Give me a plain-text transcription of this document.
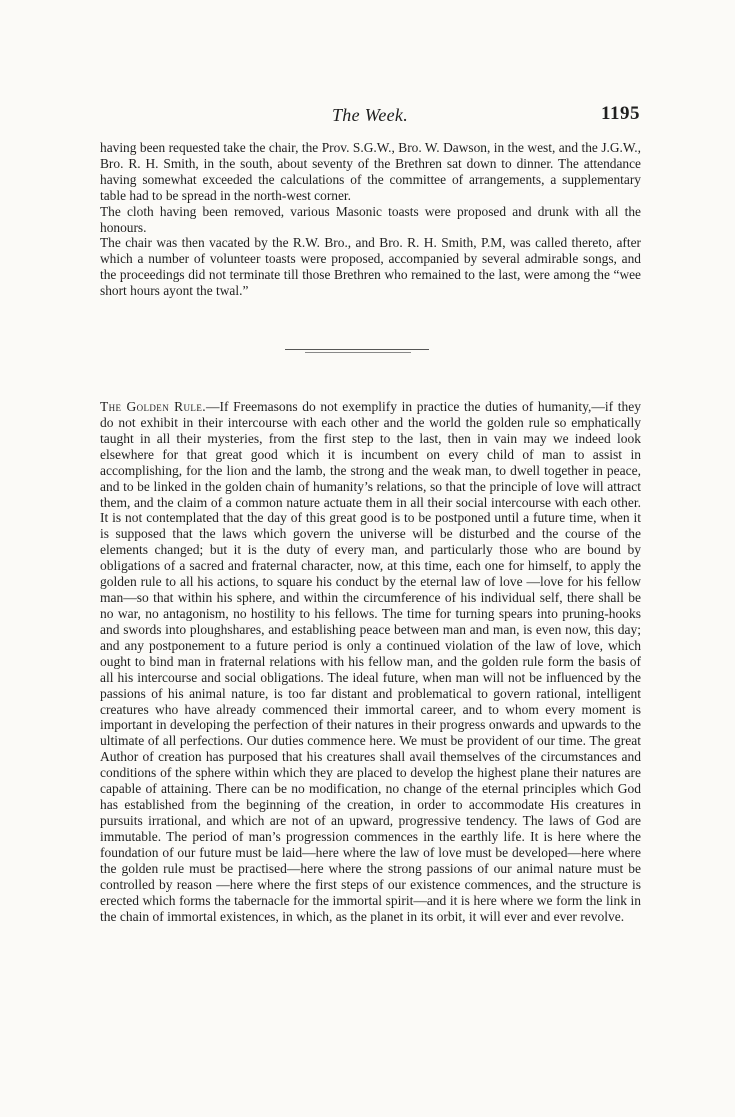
The Week.	1195

having been requested take the chair, the Prov. S.G.W., Bro. W. Dawson, in the west, and the J.G.W., Bro. R. H. Smith, in the south, about seventy of the Brethren sat down to dinner. The attendance having somewhat exceeded the calculations of the committee of arrangements, a supplementary table had to be spread in the north-west corner.

The cloth having been removed, various Masonic toasts were proposed and drunk with all the honours.

The chair was then vacated by the R.W. Bro., and Bro. R. H. Smith, P.M, was called thereto, after which a number of volunteer toasts were proposed, accompanied by several admirable songs, and the proceedings did not terminate till those Brethren who remained to the last, were among the “wee short hours ayont the twal.”

The Golden Rule.—If Freemasons do not exemplify in practice the duties of humanity,—if they do not exhibit in their intercourse with each other and the world the golden rule so emphatically taught in all their mysteries, from the first step to the last, then in vain may we indeed look elsewhere for that great good which it is incumbent on every child of man to assist in accomplishing, for the lion and the lamb, the strong and the weak man, to dwell together in peace, and to be linked in the golden chain of humanity’s relations, so that the principle of love will attract them, and the claim of a common nature actuate them in all their social intercourse with each other. It is not contemplated that the day of this great good is to be postponed until a future time, when it is supposed that the laws which govern the universe will be disturbed and the course of the elements changed; but it is the duty of every man, and particularly those who are bound by obligations of a sacred and fraternal character, now, at this time, each one for himself, to apply the golden rule to all his actions, to square his conduct by the eternal law of love —love for his fellow man—so that within his sphere, and within the circumference of his individual self, there shall be no war, no antagonism, no hostility to his fellows. The time for turning spears into pruning-hooks and swords into ploughshares, and establishing peace between man and man, is even now, this day; and any postponement to a future period is only a continued violation of the law of love, which ought to bind man in fraternal relations with his fellow man, and the golden rule form the basis of all his intercourse and social obligations. The ideal future, when man will not be influenced by the passions of his animal nature, is too far distant and problematical to govern rational, intelligent creatures who have already commenced their immortal career, and to whom every moment is important in developing the perfection of their natures in their progress onwards and upwards to the ultimate of all perfections. Our duties commence here. We must be provident of our time. The great Author of creation has purposed that his creatures shall avail themselves of the circumstances and conditions of the sphere within which they are placed to develop the highest plane their natures are capable of attaining. There can be no modification, no change of the eternal principles which God has established from the beginning of the creation, in order to accommodate His creatures in pursuits irrational, and which are not of an upward, progressive tendency. The laws of God are immutable. The period of man’s progression commences in the earthly life. It is here where the foundation of our future must be laid—here where the law of love must be developed—here where the golden rule must be practised—here where the strong passions of our animal nature must be controlled by reason —here where the first steps of our existence commences, and the structure is erected which forms the tabernacle for the immortal spirit—and it is here where we form the link in the chain of immortal existences, in which, as the planet in its orbit, it will ever and ever revolve.
